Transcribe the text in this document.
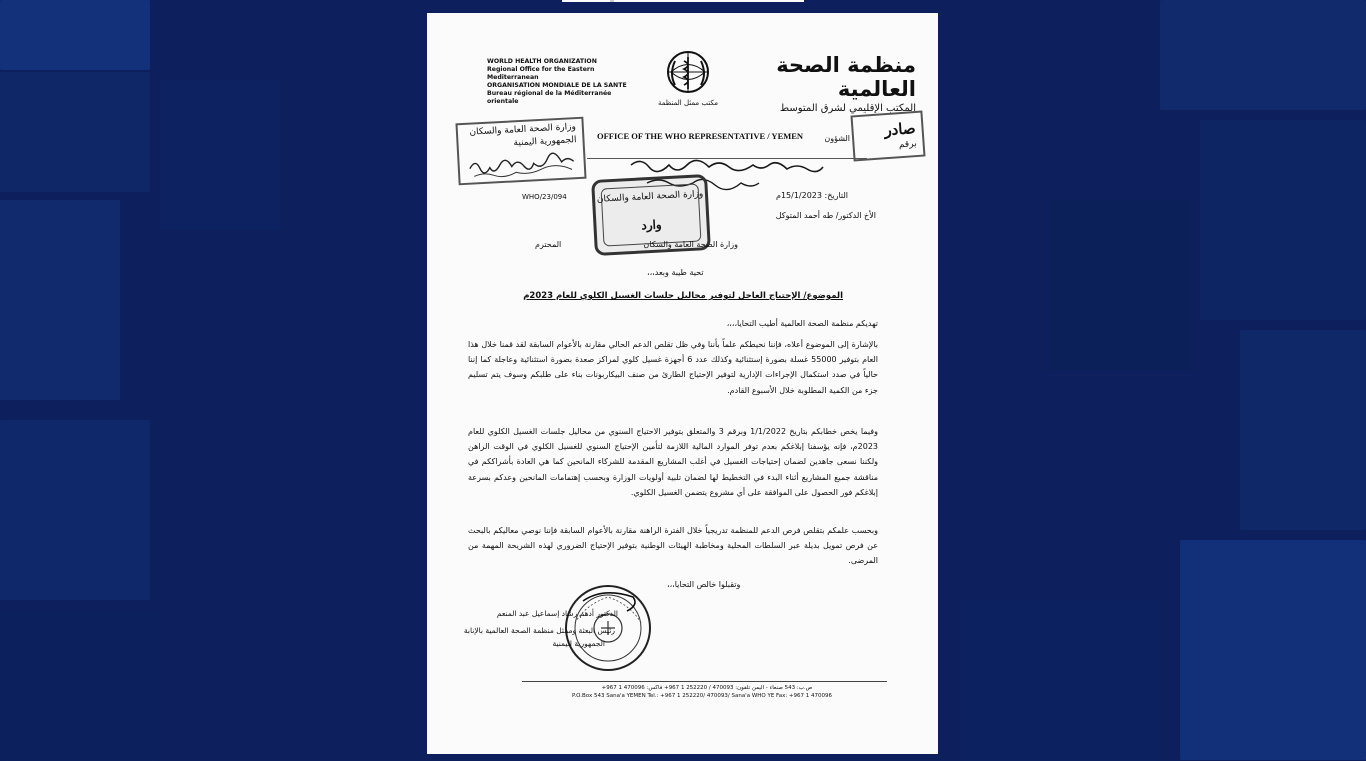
WORLD HEALTH ORGANIZATION
Regional Office for the Eastern Mediterranean
ORGANISATION MONDIALE DE LA SANTE
Bureau régional de la Méditerranée orientale	مكتب ممثل المنظمة
منظمة الصحة العالمية
المكتب الإقليمي لشرق المتوسط
وزارة الصحة العامة والسكان
الجمهورية اليمنية OFFICE OF THE WHO REPRESENTATIVE / YEMEN	الشؤون صادر
برقم
وزارة الصحة العامة والسكان
وارد
WHO/23/094	التاريخ: 15/1/2023م
الأخ الدكتور/ طه أحمد المتوكل
وزارة الصحة العامة والسكان
المحترم
تحية طيبة وبعد،،،
الموضوع/ الإحتياج العاجل لتوفير محاليل جلسات الغسيل الكلوي للعام 2023م
تهديكم منظمة الصحة العالمية أطيب التحايا،،،،
بالإشارة إلى الموضوع أعلاه، فإننا نحيطكم علماً بأننا وفي ظل تقلص الدعم الحالي مقارنة بالأعوام السابقة لقد قمنا خلال هذا العام بتوفير 55000 غسلة بصورة إستثنائية وكذلك عدد 6 أجهزة غسيل كلوي لمراكز صعدة بصورة استثنائية وعاجلة كما إننا حالياً في صدد استكمال الإجراءات الإدارية لتوفير الإحتياج الطارئ من صنف البيكاربونات بناء على طلبكم وسوف يتم تسليم جزء من الكمية المطلوبة خلال الأسبوع القادم.
وفيما يخص خطابكم بتاريخ 1/1/2022 وبرقم 3 والمتعلق بتوفير الاحتياج السنوي من محاليل جلسات الغسيل الكلوي للعام 2023م، فإنه يؤسفنا إبلاغكم بعدم توفر الموارد المالية اللازمة لتأمين الإحتياج السنوي للغسيل الكلوي في الوقت الراهن ولكننا نسعى جاهدين لضمان إحتياجات الغسيل في أغلب المشاريع المقدمة للشركاء المانحين كما هي العادة بأشراككم في مناقشة جميع المشاريع أثناء البدء في التخطيط لها لضمان تلبية أولويات الوزارة وبحسب إهتمامات المانحين وعدكم بسرعة إبلاغكم فور الحصول على الموافقة على أي مشروع يتضمن الغسيل الكلوي.
وبحسب علمكم بتقلص فرص الدعم للمنظمة تدريجياً خلال الفترة الراهنة مقارنة بالأعوام السابقة فإننا نوصي معاليكم بالبحث عن فرص تمويل بديلة عبر السلطات المحلية ومخاطبة الهيئات الوطنية بتوفير الإحتياج الضروري لهذه الشريحة المهمة من المرضى.
وتقبلوا خالص التحايا،،،
الدكتور أدهم رشاد إسماعيل عبد المنعم
رئيس البعثة وممثل منظمة الصحة العالمية بالإنابة
الجمهورية اليمنية
ص.ب: 543 صنعاء - اليمن تلفون: 470093 / 252220 1 967+ فاكس: 470096 1 967+
P.O.Box 543 Sana'a YEMEN Tel.: +967 1 252220/ 470093/ Sana'a WHO YE Fax: +967 1 470096
